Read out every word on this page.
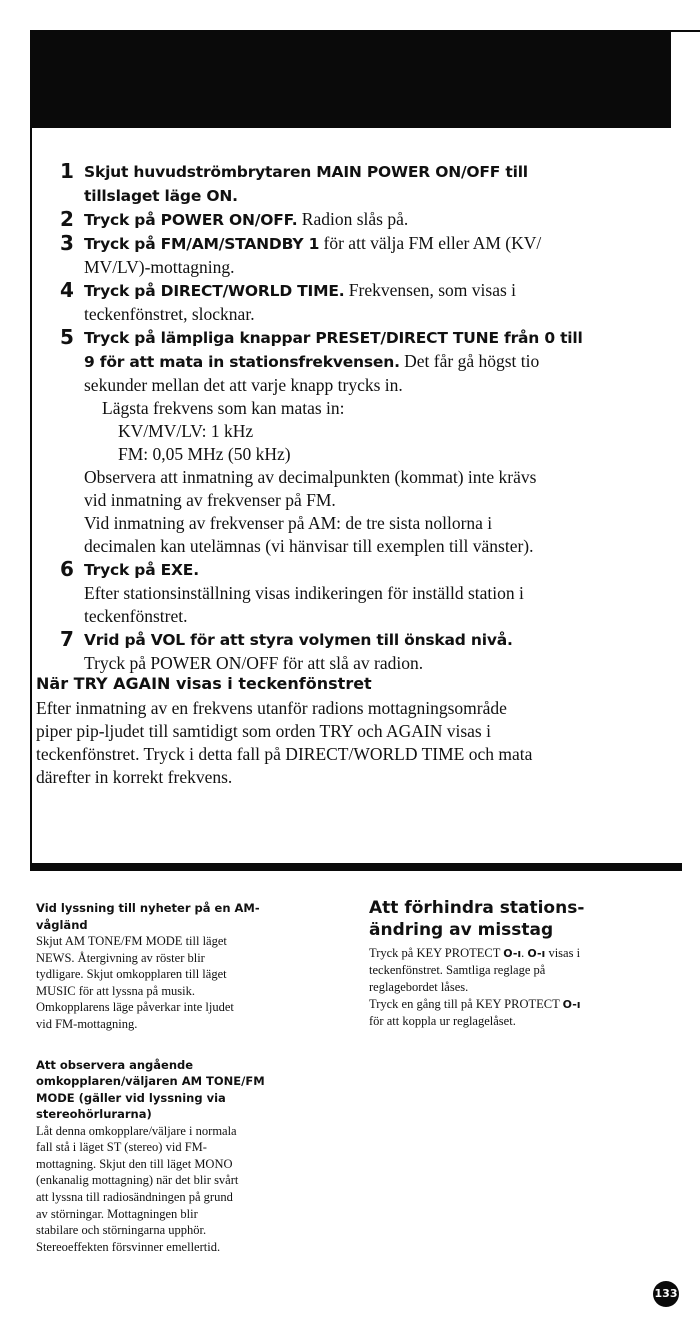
1 Skjut huvudströmbrytaren MAIN POWER ON/OFF till
tillslaget läge ON.
2 Tryck på POWER ON/OFF. Radion slås på.
3 Tryck på FM/AM/STANDBY 1 för att välja FM eller AM (KV/
MV/LV)-mottagning.
4 Tryck på DIRECT/WORLD TIME. Frekvensen, som visas i
teckenfönstret, slocknar.
5 Tryck på lämpliga knappar PRESET/DIRECT TUNE från 0 till
9 för att mata in stationsfrekvensen. Det får gå högst tio
sekunder mellan det att varje knapp trycks in.
Lägsta frekvens som kan matas in:
KV/MV/LV: 1 kHz
FM: 0,05 MHz (50 kHz)
Observera att inmatning av decimalpunkten (kommat) inte krävs
vid inmatning av frekvenser på FM.
Vid inmatning av frekvenser på AM: de tre sista nollorna i
decimalen kan utelämnas (vi hänvisar till exemplen till vänster).
6 Tryck på EXE.
Efter stationsinställning visas indikeringen för inställd station i
teckenfönstret.
7 Vrid på VOL för att styra volymen till önskad nivå.
Tryck på POWER ON/OFF för att slå av radion.
När TRY AGAIN visas i teckenfönstret
Efter inmatning av en frekvens utanför radions mottagningsområde
piper pip-ljudet till samtidigt som orden TRY och AGAIN visas i
teckenfönstret. Tryck i detta fall på DIRECT/WORLD TIME och mata
därefter in korrekt frekvens.
Vid lyssning till nyheter på en AM-
vågländ

Skjut AM TONE/FM MODE till läget
NEWS. Återgivning av röster blir
tydligare. Skjut omkopplaren till läget
MUSIC för att lyssna på musik.
Omkopplarens läge påverkar inte ljudet
vid FM-mottagning.

Att observera angående
omkopplaren/väljaren AM TONE/FM
MODE (gäller vid lyssning via
stereohörlurarna)

Låt denna omkopplare/väljare i normala
fall stå i läget ST (stereo) vid FM-
mottagning. Skjut den till läget MONO
(enkanalig mottagning) när det blir svårt
att lyssna till radiosändningen på grund
av störningar. Mottagningen blir
stabilare och störningarna upphör.
Stereoeffekten försvinner emellertid.

Att förhindra stations-
ändring av misstag

Tryck på KEY PROTECT O-ı. O-ı visas i
teckenfönstret. Samtliga reglage på
reglagebordet låses.
Tryck en gång till på KEY PROTECT O-ı
för att koppla ur reglagelåset.

133
